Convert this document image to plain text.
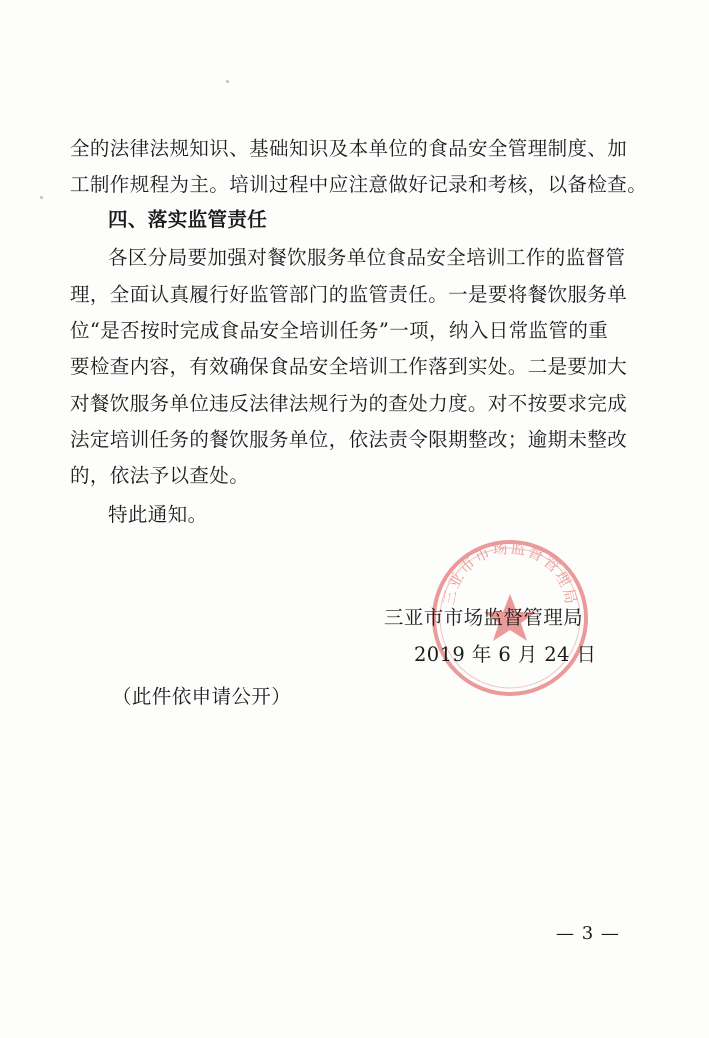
全的法律法规知识、基础知识及本单位的食品安全管理制度、加
工制作规程为主。培训过程中应注意做好记录和考核，以备检查。
四、落实监管责任
各区分局要加强对餐饮服务单位食品安全培训工作的监督管
理，全面认真履行好监管部门的监管责任。一是要将餐饮服务单
位“是否按时完成食品安全培训任务”一项，纳入日常监管的重
要检查内容，有效确保食品安全培训工作落到实处。二是要加大
对餐饮服务单位违反法律法规行为的查处力度。对不按要求完成
法定培训任务的餐饮服务单位，依法责令限期整改；逾期未整改
的，依法予以查处。
特此通知。
三亚市市场监督管理局
三亚市市场监督管理局
2019 年 6 月 24 日
（此件依申请公开）
— 3 —
